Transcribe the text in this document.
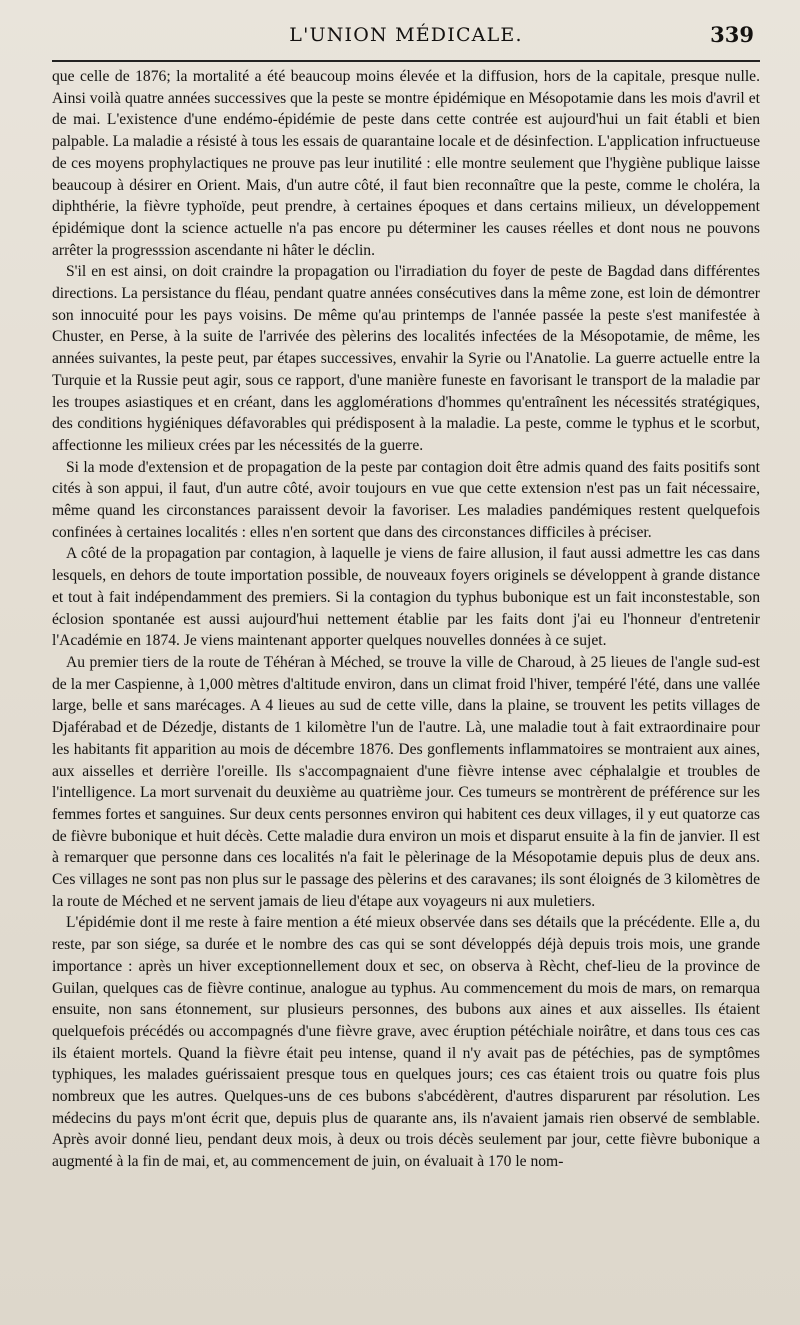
L'UNION MÉDICALE.	339

que celle de 1876; la mortalité a été beaucoup moins élevée et la diffusion, hors de la capitale, presque nulle. Ainsi voilà quatre années successives que la peste se montre épidémique en Mésopotamie dans les mois d'avril et de mai. L'existence d'une endémo-épidémie de peste dans cette contrée est aujourd'hui un fait établi et bien palpable. La maladie a résisté à tous les essais de quarantaine locale et de désinfection. L'application infructueuse de ces moyens prophylactiques ne prouve pas leur inutilité : elle montre seulement que l'hygiène publique laisse beaucoup à désirer en Orient. Mais, d'un autre côté, il faut bien reconnaître que la peste, comme le choléra, la diphthérie, la fièvre typhoïde, peut prendre, à certaines époques et dans certains milieux, un développement épidémique dont la science actuelle n'a pas encore pu déterminer les causes réelles et dont nous ne pouvons arrêter la progresssion ascendante ni hâter le déclin.

S'il en est ainsi, on doit craindre la propagation ou l'irradiation du foyer de peste de Bagdad dans différentes directions. La persistance du fléau, pendant quatre années consécutives dans la même zone, est loin de démontrer son innocuité pour les pays voisins. De même qu'au printemps de l'année passée la peste s'est manifestée à Chuster, en Perse, à la suite de l'arrivée des pèlerins des localités infectées de la Mésopotamie, de même, les années suivantes, la peste peut, par étapes successives, envahir la Syrie ou l'Anatolie. La guerre actuelle entre la Turquie et la Russie peut agir, sous ce rapport, d'une manière funeste en favorisant le transport de la maladie par les troupes asiastiques et en créant, dans les agglomérations d'hommes qu'entraînent les nécessités stratégiques, des conditions hygiéniques défavorables qui prédisposent à la maladie. La peste, comme le typhus et le scorbut, affectionne les milieux crées par les nécessités de la guerre.

Si la mode d'extension et de propagation de la peste par contagion doit être admis quand des faits positifs sont cités à son appui, il faut, d'un autre côté, avoir toujours en vue que cette extension n'est pas un fait nécessaire, même quand les circonstances paraissent devoir la favoriser. Les maladies pandémiques restent quelquefois confinées à certaines localités : elles n'en sortent que dans des circonstances difficiles à préciser.

A côté de la propagation par contagion, à laquelle je viens de faire allusion, il faut aussi admettre les cas dans lesquels, en dehors de toute importation possible, de nouveaux foyers originels se développent à grande distance et tout à fait indépendamment des premiers. Si la contagion du typhus bubonique est un fait inconstestable, son éclosion spontanée est aussi aujourd'hui nettement établie par les faits dont j'ai eu l'honneur d'entretenir l'Académie en 1874. Je viens maintenant apporter quelques nouvelles données à ce sujet.

Au premier tiers de la route de Téhéran à Méched, se trouve la ville de Charoud, à 25 lieues de l'angle sud-est de la mer Caspienne, à 1,000 mètres d'altitude environ, dans un climat froid l'hiver, tempéré l'été, dans une vallée large, belle et sans marécages. A 4 lieues au sud de cette ville, dans la plaine, se trouvent les petits villages de Djaférabad et de Dézedje, distants de 1 kilomètre l'un de l'autre. Là, une maladie tout à fait extraordinaire pour les habitants fit apparition au mois de décembre 1876. Des gonflements inflammatoires se montraient aux aines, aux aisselles et derrière l'oreille. Ils s'accompagnaient d'une fièvre intense avec céphalalgie et troubles de l'intelligence. La mort survenait du deuxième au quatrième jour. Ces tumeurs se montrèrent de préférence sur les femmes fortes et sanguines. Sur deux cents personnes environ qui habitent ces deux villages, il y eut quatorze cas de fièvre bubonique et huit décès. Cette maladie dura environ un mois et disparut ensuite à la fin de janvier. Il est à remarquer que personne dans ces localités n'a fait le pèlerinage de la Mésopotamie depuis plus de deux ans. Ces villages ne sont pas non plus sur le passage des pèlerins et des caravanes; ils sont éloignés de 3 kilomètres de la route de Méched et ne servent jamais de lieu d'étape aux voyageurs ni aux muletiers.

L'épidémie dont il me reste à faire mention a été mieux observée dans ses détails que la précédente. Elle a, du reste, par son siége, sa durée et le nombre des cas qui se sont développés déjà depuis trois mois, une grande importance : après un hiver exceptionnellement doux et sec, on observa à Rècht, chef-lieu de la province de Guilan, quelques cas de fièvre continue, analogue au typhus. Au commencement du mois de mars, on remarqua ensuite, non sans étonnement, sur plusieurs personnes, des bubons aux aines et aux aisselles. Ils étaient quelquefois précédés ou accompagnés d'une fièvre grave, avec éruption pétéchiale noirâtre, et dans tous ces cas ils étaient mortels. Quand la fièvre était peu intense, quand il n'y avait pas de pétéchies, pas de symptômes typhiques, les malades guérissaient presque tous en quelques jours; ces cas étaient trois ou quatre fois plus nombreux que les autres. Quelques-uns de ces bubons s'abcédèrent, d'autres disparurent par résolution. Les médecins du pays m'ont écrit que, depuis plus de quarante ans, ils n'avaient jamais rien observé de semblable. Après avoir donné lieu, pendant deux mois, à deux ou trois décès seulement par jour, cette fièvre bubonique a augmenté à la fin de mai, et, au commencement de juin, on évaluait à 170 le nom-
